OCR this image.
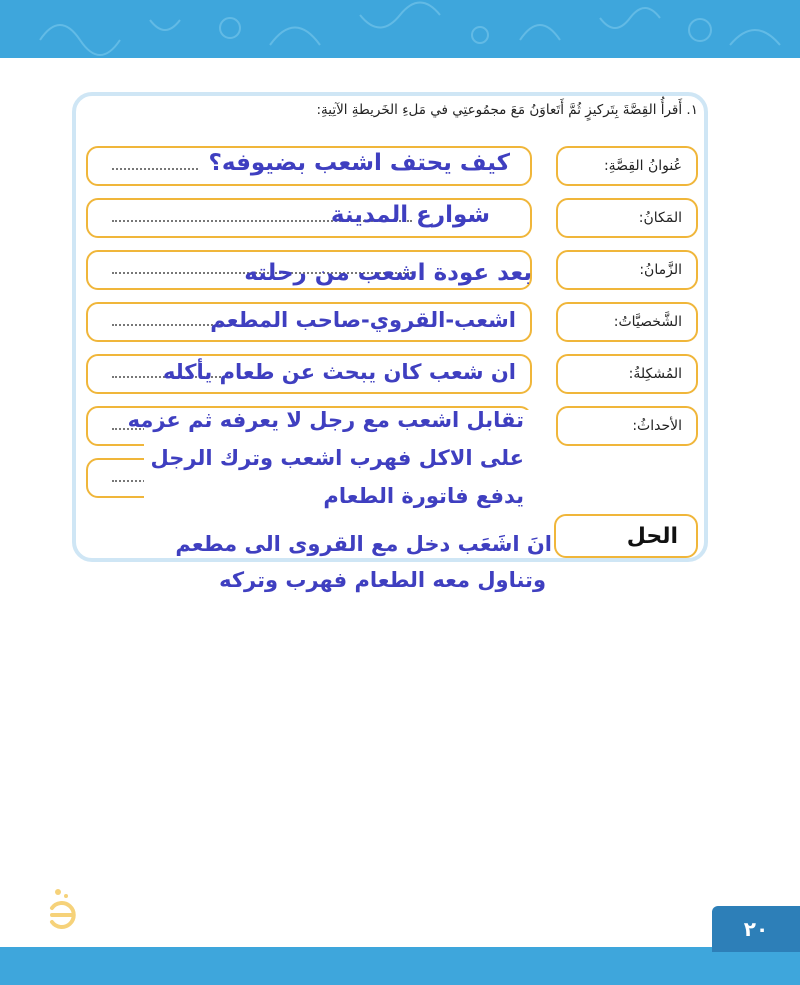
١. أَقرأُ القِصَّةَ بِتَركيزٍ ثُمَّ أَتَعاوَنُ مَعَ مجمُوعتِي في مَلءِ الخَريطةِ الآتِيةِ:
عُنوانُ القِصَّةِ:
المَكانُ:
الزَّمانُ:
الشَّخصيَّاتُ:
المُشكِلةُ:
الأحداثُ:
كيف يحتف اشعب بضيوفه؟
شوارع المدينة
بعد عودة اشعب من رحلته
اشعب-القروي-صاحب المطعم
ان شعب كان يبحث عن طعام يأكله
تقابل اشعب مع رجل لا يعرفه ثم عزمه
على الاكل فهرب اشعب وترك الرجل
يدفع فاتورة الطعام
الحل
انَ اشَعَب دخل مع القروى الى مطعم
وتناول معه الطعام فهرب وتركه
٢٠
